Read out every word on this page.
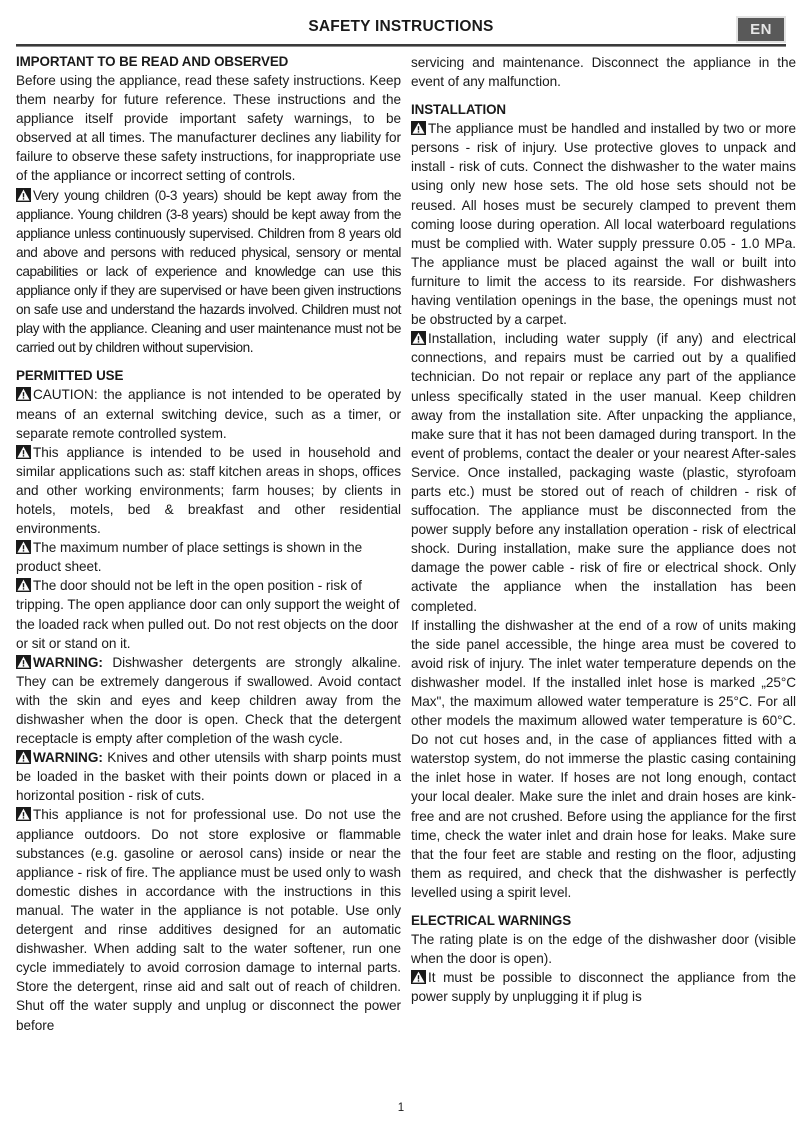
SAFETY INSTRUCTIONS	EN
IMPORTANT TO BE READ AND OBSERVED

Before using the appliance, read these safety instructions. Keep them nearby for future reference. These instructions and the appliance itself provide important safety warnings, to be observed at all times. The manufacturer declines any liability for failure to observe these safety instructions, for inappropriate use of the appliance or incorrect setting of controls.

Very young children (0-3 years) should be kept away from the appliance. Young children (3-8 years) should be kept away from the appliance unless continuously supervised. Children from 8 years old and above and persons with reduced physical, sensory or mental capabilities or lack of experience and knowledge can use this appliance only if they are supervised or have been given instructions on safe use and understand the hazards involved. Children must not play with the appliance. Cleaning and user maintenance must not be carried out by children without supervision.

PERMITTED USE

CAUTION: the appliance is not intended to be operated by means of an external switching device, such as a timer, or separate remote controlled system.

This appliance is intended to be used in household and similar applications such as: staff kitchen areas in shops, offices and other working environments; farm houses; by clients in hotels, motels, bed & breakfast and other residential environments.

The maximum number of place settings is shown in the product sheet.

The door should not be left in the open position - risk of tripping. The open appliance door can only support the weight of the loaded rack when pulled out. Do not rest objects on the door or sit or stand on it.

WARNING: Dishwasher detergents are strongly alkaline. They can be extremely dangerous if swallowed. Avoid contact with the skin and eyes and keep children away from the dishwasher when the door is open. Check that the detergent receptacle is empty after completion of the wash cycle.

WARNING: Knives and other utensils with sharp points must be loaded in the basket with their points down or placed in a horizontal position - risk of cuts.

This appliance is not for professional use. Do not use the appliance outdoors. Do not store explosive or flammable substances (e.g. gasoline or aerosol cans) inside or near the appliance - risk of fire. The appliance must be used only to wash domestic dishes in accordance with the instructions in this manual. The water in the appliance is not potable. Use only detergent and rinse additives designed for an automatic dishwasher. When adding salt to the water softener, run one cycle immediately to avoid corrosion damage to internal parts. Store the detergent, rinse aid and salt out of reach of children. Shut off the water supply and unplug or disconnect the power before

servicing and maintenance. Disconnect the appliance in the event of any malfunction.

INSTALLATION

The appliance must be handled and installed by two or more persons - risk of injury. Use protective gloves to unpack and install - risk of cuts. Connect the dishwasher to the water mains using only new hose sets. The old hose sets should not be reused. All hoses must be securely clamped to prevent them coming loose during operation. All local waterboard regulations must be complied with. Water supply pressure 0.05 - 1.0 MPa. The appliance must be placed against the wall or built into furniture to limit the access to its rearside. For dishwashers having ventilation openings in the base, the openings must not be obstructed by a carpet.

Installation, including water supply (if any) and electrical connections, and repairs must be carried out by a qualified technician. Do not repair or replace any part of the appliance unless specifically stated in the user manual. Keep children away from the installation site. After unpacking the appliance, make sure that it has not been damaged during transport. In the event of problems, contact the dealer or your nearest After-sales Service. Once installed, packaging waste (plastic, styrofoam parts etc.) must be stored out of reach of children - risk of suffocation. The appliance must be disconnected from the power supply before any installation operation - risk of electrical shock. During installation, make sure the appliance does not damage the power cable - risk of fire or electrical shock. Only activate the appliance when the installation has been completed.

If installing the dishwasher at the end of a row of units making the side panel accessible, the hinge area must be covered to avoid risk of injury. The inlet water temperature depends on the dishwasher model. If the installed inlet hose is marked „25°C Max", the maximum allowed water temperature is 25°C. For all other models the maximum allowed water temperature is 60°C. Do not cut hoses and, in the case of appliances fitted with a waterstop system, do not immerse the plastic casing containing the inlet hose in water. If hoses are not long enough, contact your local dealer. Make sure the inlet and drain hoses are kink-free and are not crushed. Before using the appliance for the first time, check the water inlet and drain hose for leaks. Make sure that the four feet are stable and resting on the floor, adjusting them as required, and check that the dishwasher is perfectly levelled using a spirit level.

ELECTRICAL WARNINGS

The rating plate is on the edge of the dishwasher door (visible when the door is open).

It must be possible to disconnect the appliance from the power supply by unplugging it if plug is

1
